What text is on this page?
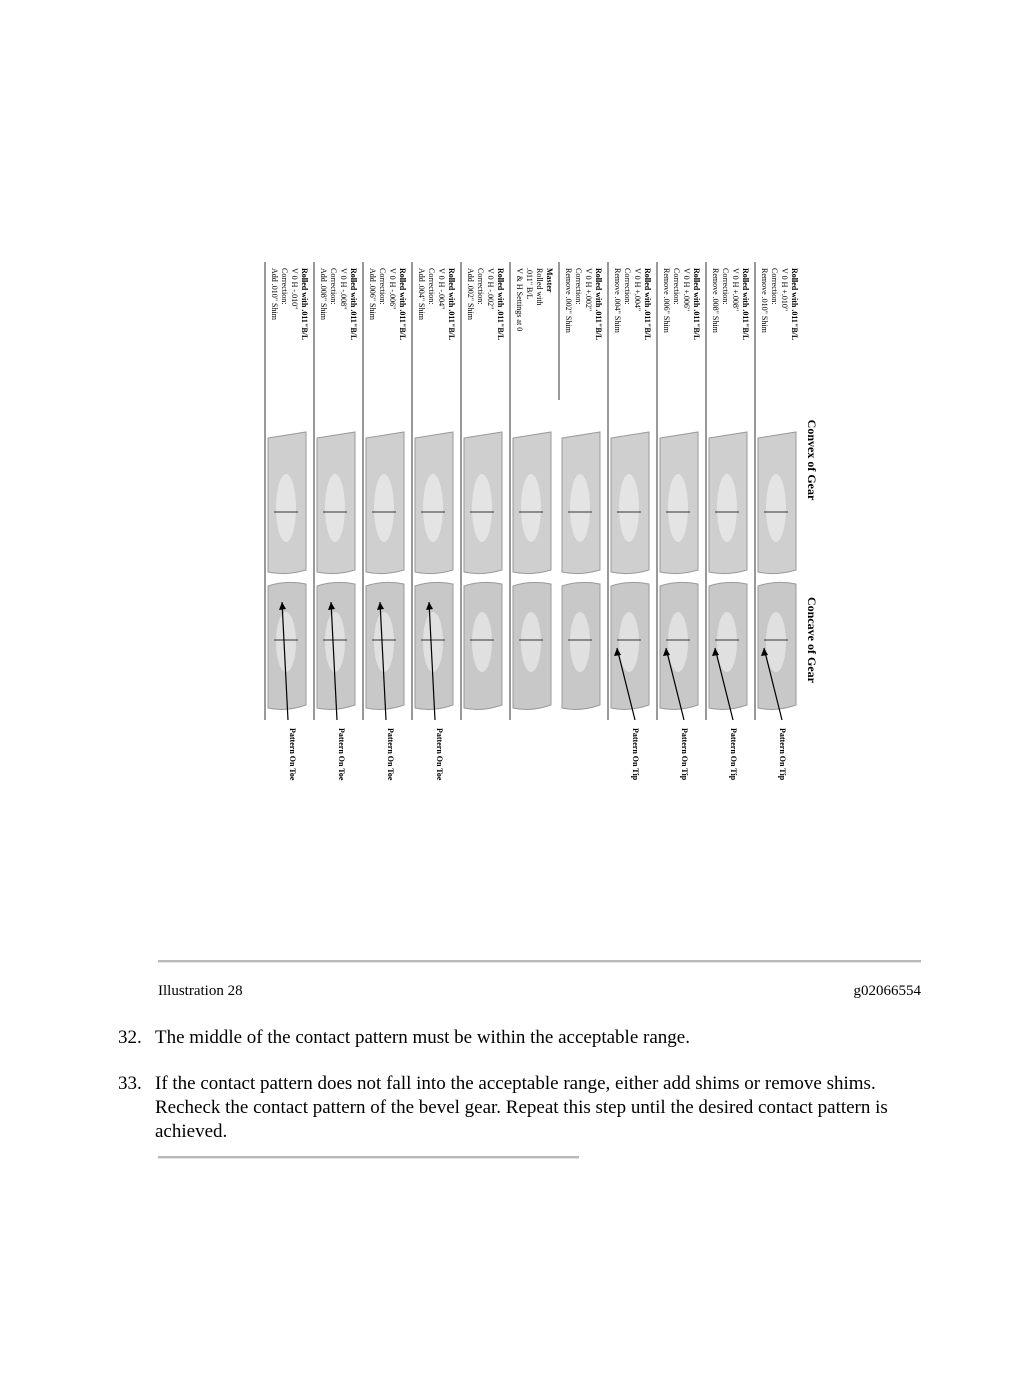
Convex of Gear
Concave of Gear
Rolled with .011"B/L
V 0 H +.010"
Correction:
Remove .010" Shim
Pattern On Tip
Rolled with .011"B/L
V 0 H +.008"
Correction:
Remove .008" Shim
Pattern On Tip
Rolled with .011"B/L
V 0 H +.006"
Correction:
Remove .006" Shim
Pattern On Tip
Rolled with .011"B/L
V 0 H +.004"
Correction:
Remove .004" Shim
Pattern On Tip
Rolled with .011"B/L
V 0 H +.002"
Correction:
Remove .002" Shim
Master
Rolled with
.011" B/L
V & H Settings at 0
Rolled with .011"B/L
V 0 H -.002"
Correction:
Add .002" Shim
Rolled with .011"B/L
V 0 H -.004"
Correction:
Add .004" Shim
Pattern On Toe
Rolled with .011"B/L
V 0 H -.006"
Correction:
Add .006" Shim
Pattern On Toe
Rolled with .011"B/L
V 0 H -.008"
Correction:
Add .008" Shim
Pattern On Toe
Rolled with .011"B/L
V 0 H -.010"
Correction:
Add .010" Shim
Pattern On Toe
Illustration 28	g02066554
32. The middle of the contact pattern must be within the acceptable range.
33. If the contact pattern does not fall into the acceptable range, either add shims or remove shims. Recheck the contact pattern of the bevel gear. Repeat this step until the desired contact pattern is achieved.
